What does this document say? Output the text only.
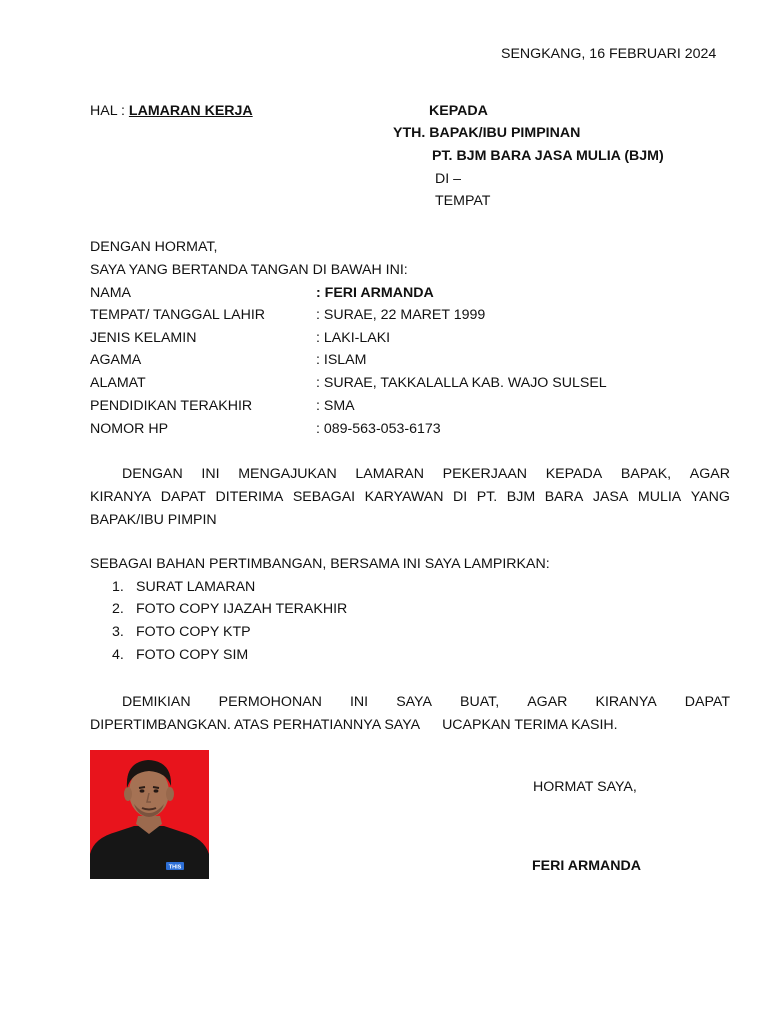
SENGKANG, 16 FEBRUARI 2024
HAL : LAMARAN KERJA	KEPADA
YTH. BAPAK/IBU PIMPINAN
PT. BJM BARA JASA MULIA (BJM)
DI –
TEMPAT
DENGAN HORMAT,
SAYA YANG BERTANDA TANGAN DI BAWAH INI:
NAMA	: FERI ARMANDA
TEMPAT/ TANGGAL LAHIR	: SURAE, 22 MARET 1999
JENIS KELAMIN	: LAKI-LAKI
AGAMA	: ISLAM
ALAMAT	: SURAE, TAKKALALLA KAB. WAJO SULSEL
PENDIDIKAN TERAKHIR	: SMA
NOMOR HP	: 089-563-053-6173
DENGAN INI MENGAJUKAN LAMARAN PEKERJAAN KEPADA BAPAK, AGAR
KIRANYA DAPAT DITERIMA SEBAGAI KARYAWAN DI PT. BJM BARA JASA MULIA YANG
BAPAK/IBU PIMPIN
SEBAGAI BAHAN PERTIMBANGAN, BERSAMA INI SAYA LAMPIRKAN:
1. SURAT LAMARAN
2. FOTO COPY IJAZAH TERAKHIR
3. FOTO COPY KTP
4. FOTO COPY SIM
DEMIKIAN PERMOHONAN INI SAYA BUAT, AGAR KIRANYA DAPAT
DIPERTIMBANGKAN. ATAS PERHATIANNYA SAYA UCAPKAN TERIMA KASIH.
THIS
HORMAT SAYA,
FERI ARMANDA
